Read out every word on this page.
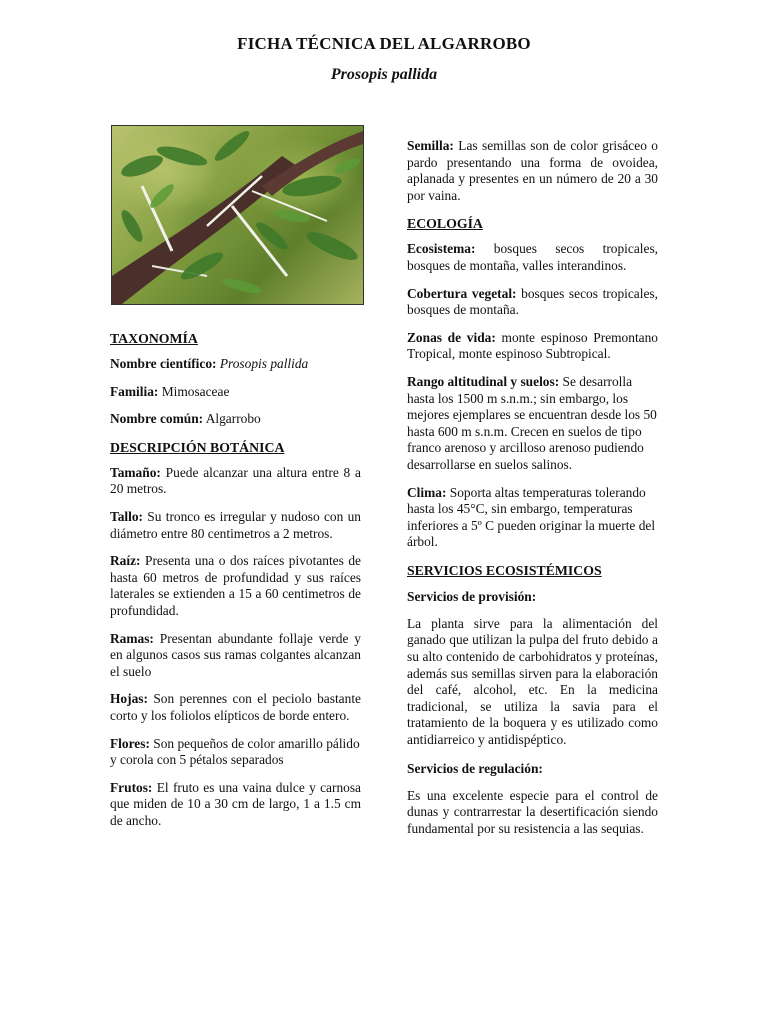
FICHA TÉCNICA DEL ALGARROBO
Prosopis pallida
TAXONOMÍA

Nombre científico: Prosopis pallida

Familia: Mimosaceae

Nombre común: Algarrobo

DESCRIPCIÓN BOTÁNICA

Tamaño: Puede alcanzar una altura entre 8 a 20 metros.

Tallo: Su tronco es irregular y nudoso con un diámetro entre 80 centimetros a 2 metros.

Raíz: Presenta una o dos raíces pivotantes de hasta 60 metros de profundidad y sus raíces laterales se extienden a 15 a 60 centimetros de profundidad.

Ramas: Presentan abundante follaje verde y en algunos casos sus ramas colgantes alcanzan el suelo

Hojas: Son perennes con el peciolo bastante corto y los foliolos elípticos de borde entero.

Flores: Son pequeños de color amarillo pálido y corola con 5 pétalos separados

Frutos: El fruto es una vaina dulce y carnosa que miden de 10 a 30 cm de largo, 1 a 1.5 cm de ancho.

Semilla: Las semillas son de color grisáceo o pardo presentando una forma de ovoidea, aplanada y presentes en un número de 20 a 30 por vaina.

ECOLOGÍA

Ecosistema: bosques secos tropicales, bosques de montaña, valles interandinos.

Cobertura vegetal: bosques secos tropicales, bosques de montaña.

Zonas de vida: monte espinoso Premontano Tropical, monte espinoso Subtropical.

Rango altitudinal y suelos: Se desarrolla hasta los 1500 m s.n.m.; sin embargo, los mejores ejemplares se encuentran desde los 50 hasta 600 m s.n.m. Crecen en suelos de tipo franco arenoso y arcilloso arenoso pudiendo desarrollarse en suelos salinos.

Clima: Soporta altas temperaturas tolerando hasta los 45°C, sin embargo, temperaturas inferiores a 5º C pueden originar la muerte del árbol.

SERVICIOS ECOSISTÉMICOS
Servicios de provisión:

La planta sirve para la alimentación del ganado que utilizan la pulpa del fruto debido a su alto contenido de carbohidratos y proteínas, además sus semillas sirven para la elaboración del café, alcohol, etc. En la medicina tradicional, se utiliza la savia para el tratamiento de la boquera y es utilizado como antidiarreico y antidispéptico.

Servicios de regulación:

Es una excelente especie para el control de dunas y contrarrestar la desertificación siendo fundamental por su resistencia a las sequias.
